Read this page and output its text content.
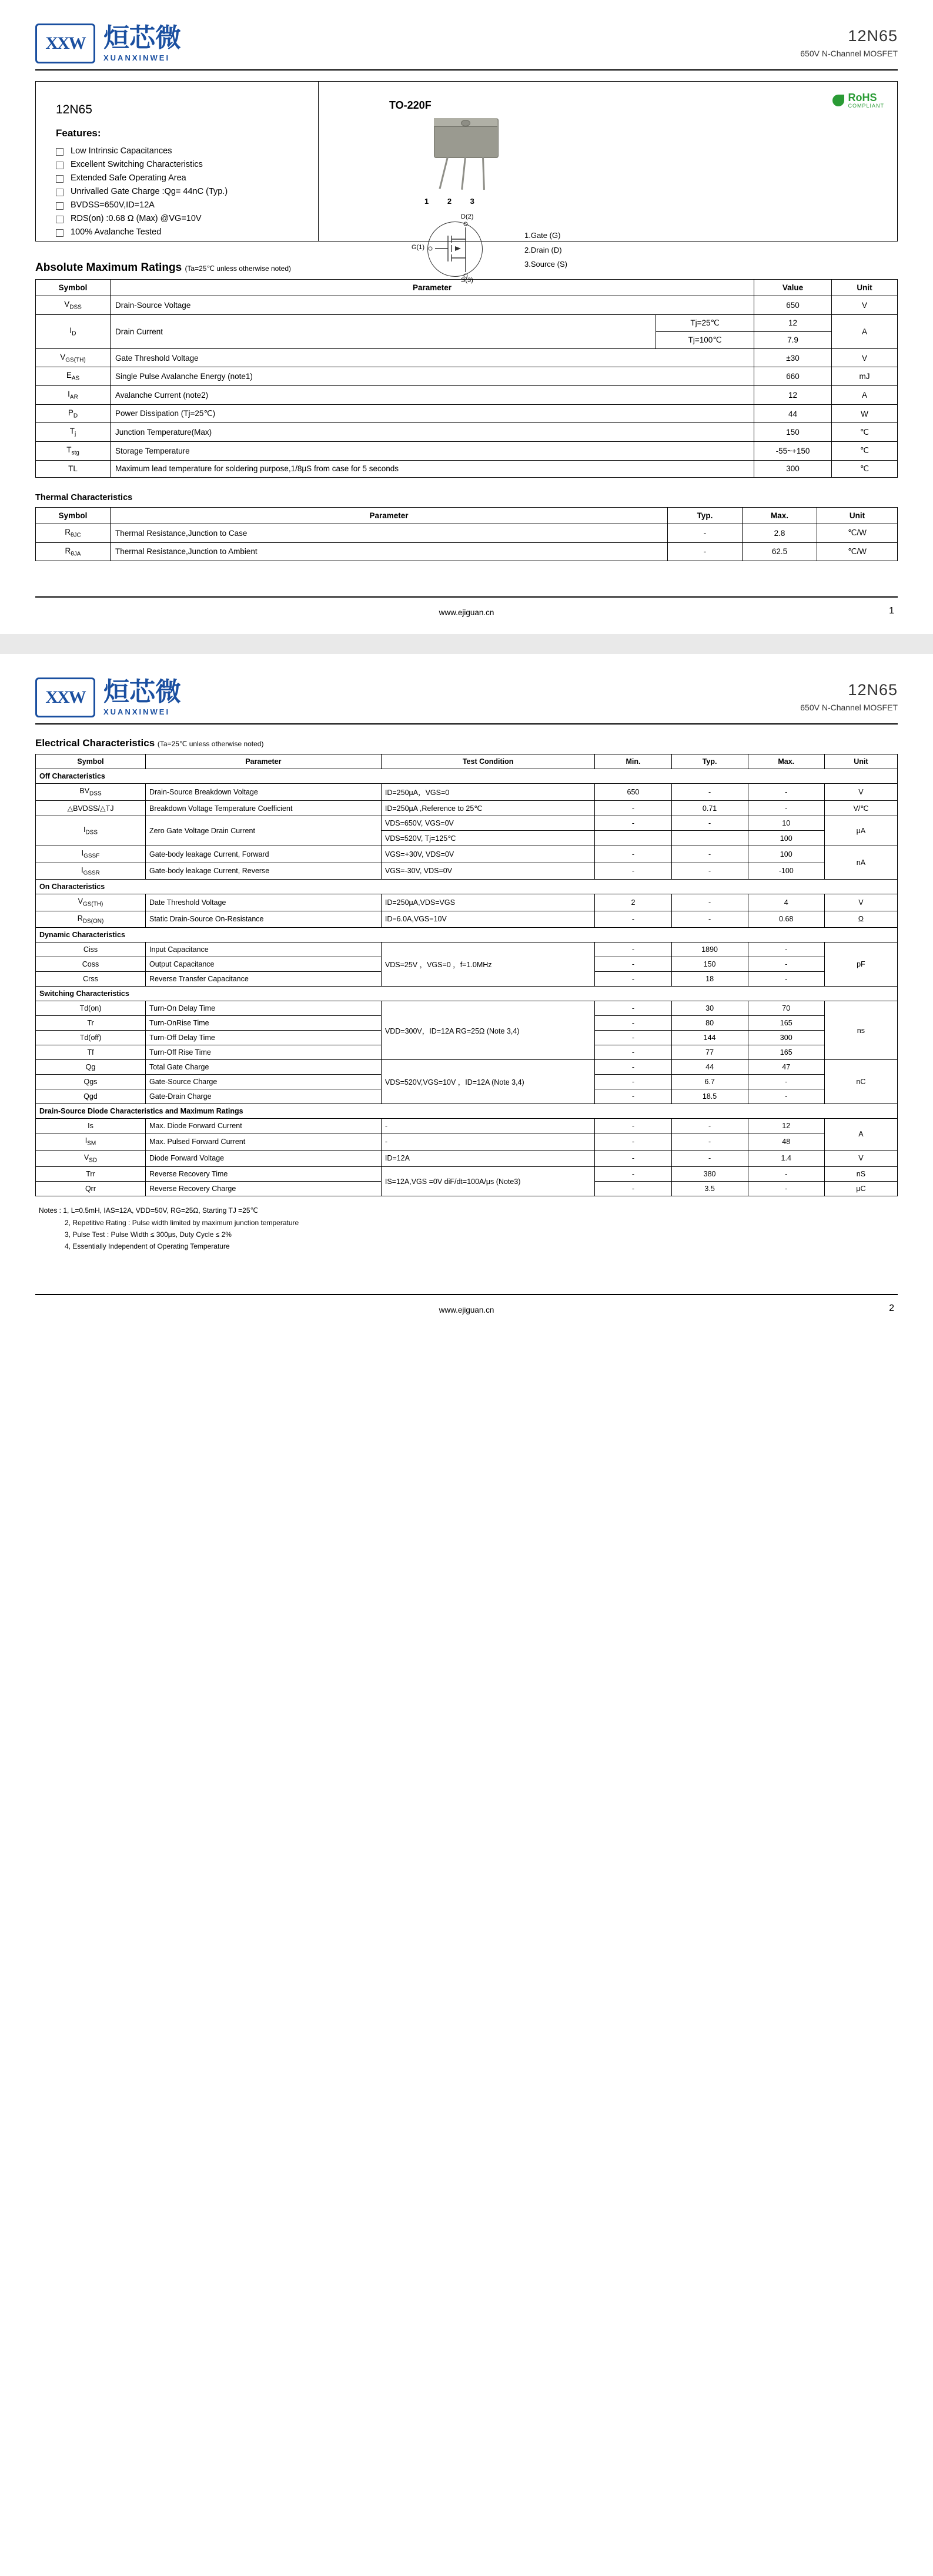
XXW 烜芯微
XUANXINWEI
12N65
650V N-Channel MOSFET
12N65
Features:
Low Intrinsic Capacitances
Excellent Switching Characteristics
Extended Safe Operating Area
Unrivalled Gate Charge :Qg= 44nC (Typ.)
BVDSS=650V,ID=12A
RDS(on) :0.68 Ω (Max) @VG=10V
100% Avalanche Tested
TO-220F
RoHS
COMPLIANT
1 2 3
D(2)
G(1)
S(3)
1.Gate (G)
2.Drain (D)
3.Source (S)
Absolute Maximum Ratings (Ta=25℃ unless otherwise noted)
Symbol	Parameter		Value	Unit
$V_{DSS}$	Drain-Source Voltage		650	V
$I_D$	Drain Current	Tj=25℃	12	A
		Tj=100℃	7.9	
$V_{GS(TH)}$	Gate Threshold Voltage		±30	V
$E_{AS}$	Single Pulse Avalanche Energy (note1)		660	mJ
$I_{AR}$	Avalanche Current (note2)		12	A
$P_D$	Power Dissipation (Tj=25℃)		44	W
$T_j$	Junction Temperature(Max)		150	℃
$T_{stg}$	Storage Temperature		-55~+150	℃
TL	Maximum lead temperature for soldering purpose,1/8μS from case for 5 seconds		300	℃
Thermal Characteristics
Symbol	Parameter	Typ.	Max.	Unit
$R_{\theta JC}$	Thermal Resistance,Junction to Case	-	2.8	℃/W
$R_{\theta JA}$	Thermal Resistance,Junction to Ambient	-	62.5	℃/W
www.ejiguan.cn	1
XXW 烜芯微
XUANXINWEI
12N65
650V N-Channel MOSFET
Electrical Characteristics (Ta=25℃ unless otherwise noted)
Symbol	Parameter	Test Condition	Min.	Typ.	Max.	Unit
Off Characteristics						
$BV_{DSS}$	Drain-Source Breakdown Voltage	ID=250μA，VGS=0	650	-	-	V
△BVDSS/△TJ	Breakdown Voltage Temperature Coefficient	ID=250μA ,Reference to 25℃	-	0.71	-	V/℃
$I_{DSS}$	Zero Gate Voltage Drain Current	VDS=650V, VGS=0V	-	-	10	μA
		VDS=520V, Tj=125℃			100	
$I_{GSSF}$	Gate-body leakage Current, Forward	VGS=+30V, VDS=0V	-	-	100	nA
$I_{GSSR}$	Gate-body leakage Current, Reverse	VGS=-30V, VDS=0V	-	-	-100	
On Characteristics						
$V_{GS(TH)}$	Date Threshold Voltage	ID=250μA,VDS=VGS	2	-	4	V
$R_{DS(ON)}$	Static Drain-Source On-Resistance	ID=6.0A,VGS=10V	-	-	0.68	Ω
Dynamic Characteristics						
Ciss	Input Capacitance	VDS=25V ，VGS=0 ，f=1.0MHz	-	1890	-	pF
Coss	Output Capacitance		-	150	-	
Crss	Reverse Transfer Capacitance		-	18	-	
Switching Characteristics						
Td(on)	Turn-On Delay Time	VDD=300V，ID=12A RG=25Ω (Note 3,4)	-	30	70	ns
Tr	Turn-OnRise Time		-	80	165	
Td(off)	Turn-Off Delay Time		-	144	300	
Tf	Turn-Off Rise Time		-	77	165	
Qg	Total Gate Charge	VDS=520V,VGS=10V ，ID=12A (Note 3,4)	-	44	47	nC
Qgs	Gate-Source Charge		-	6.7	-	
Qgd	Gate-Drain Charge		-	18.5	-	
Drain-Source Diode Characteristics and Maximum Ratings						
Is	Max. Diode Forward Current	-	-	-	12	A
$I_{SM}$	Max. Pulsed Forward Current	-	-	-	48	
$V_{SD}$	Diode Forward Voltage	ID=12A	-	-	1.4	V
Trr	Reverse Recovery Time	IS=12A,VGS =0V diF/dt=100A/μs (Note3)	-	380	-	nS
Qrr	Reverse Recovery Charge		-	3.5	-	μC
Notes : 1, L=0.5mH, IAS=12A, VDD=50V, RG=25Ω, Starting TJ =25℃
2, Repetitive Rating : Pulse width limited by maximum junction temperature
3, Pulse Test : Pulse Width ≤ 300μs, Duty Cycle ≤ 2%
4, Essentially Independent of Operating Temperature
www.ejiguan.cn	2
